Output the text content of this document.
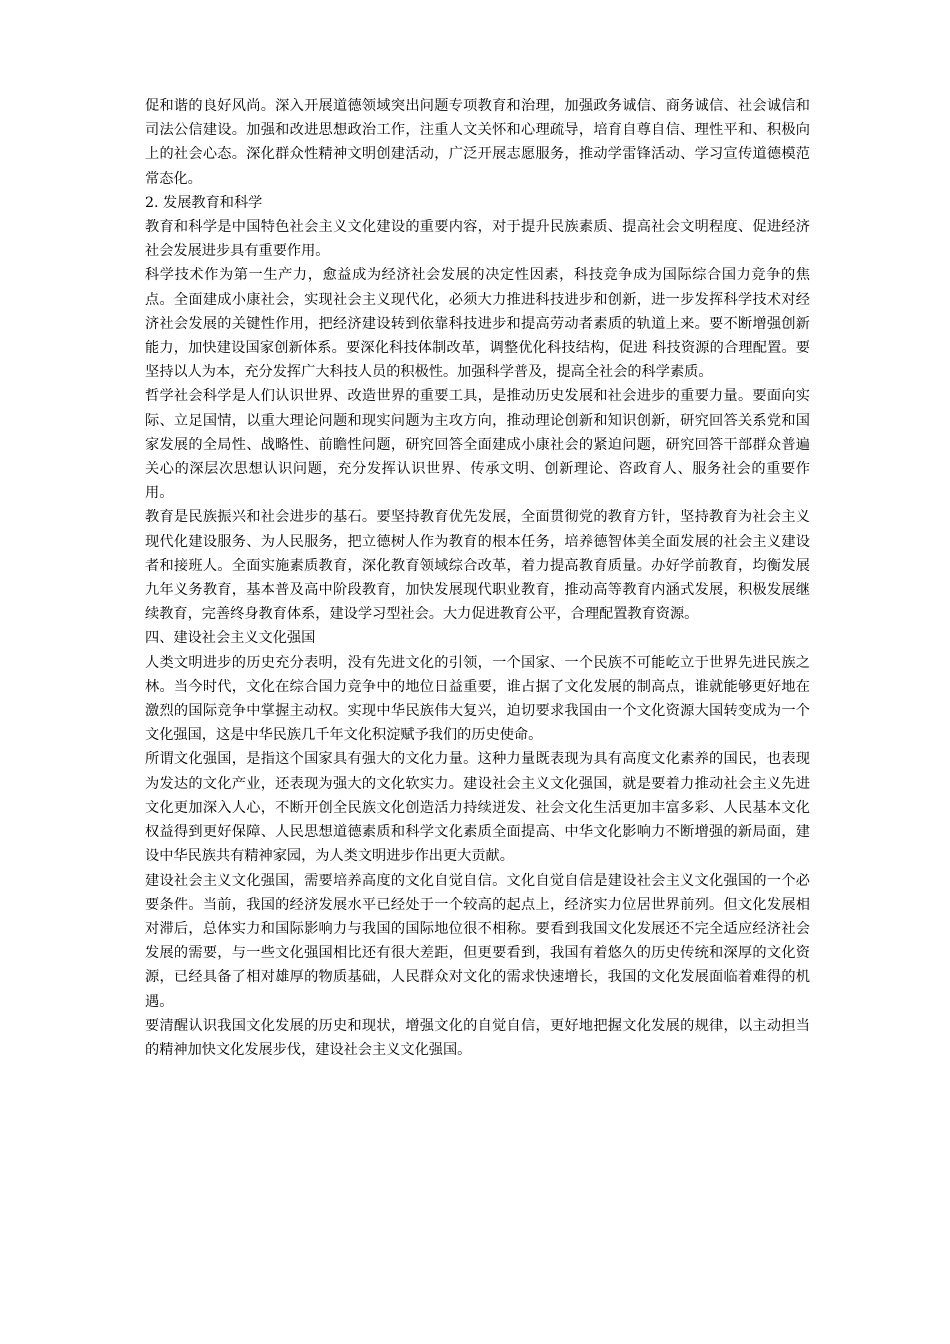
促和谐的良好风尚。深入开展道德领域突出问题专项教育和治理，加强政务诚信、商务诚信、社会诚信和司法公信建设。加强和改进思想政治工作，注重人文关怀和心理疏导，培育自尊自信、理性平和、积极向上的社会心态。深化群众性精神文明创建活动，广泛开展志愿服务，推动学雷锋活动、学习宣传道德模范常态化。

2. 发展教育和科学

教育和科学是中国特色社会主义文化建设的重要内容，对于提升民族素质、提高社会文明程度、促进经济社会发展进步具有重要作用。

科学技术作为第一生产力，愈益成为经济社会发展的决定性因素，科技竞争成为国际综合国力竞争的焦点。全面建成小康社会，实现社会主义现代化，必须大力推进科技进步和创新，进一步发挥科学技术对经济社会发展的关键性作用，把经济建设转到依靠科技进步和提高劳动者素质的轨道上来。要不断增强创新能力，加快建设国家创新体系。要深化科技体制改革，调整优化科技结构，促进 科技资源的合理配置。要坚持以人为本，充分发挥广大科技人员的积极性。加强科学普及，提高全社会的科学素质。

哲学社会科学是人们认识世界、改造世界的重要工具，是推动历史发展和社会进步的重要力量。要面向实际、立足国情，以重大理论问题和现实问题为主攻方向，推动理论创新和知识创新，研究回答关系党和国家发展的全局性、战略性、前瞻性问题，研究回答全面建成小康社会的紧迫问题，研究回答干部群众普遍关心的深层次思想认识问题，充分发挥认识世界、传承文明、创新理论、咨政育人、服务社会的重要作用。

教育是民族振兴和社会进步的基石。要坚持教育优先发展，全面贯彻党的教育方针，坚持教育为社会主义现代化建设服务、为人民服务，把立德树人作为教育的根本任务，培养德智体美全面发展的社会主义建设者和接班人。全面实施素质教育，深化教育领域综合改革，着力提高教育质量。办好学前教育，均衡发展九年义务教育，基本普及高中阶段教育，加快发展现代职业教育，推动高等教育内涵式发展，积极发展继续教育，完善终身教育体系，建设学习型社会。大力促进教育公平，合理配置教育资源。

四、建设社会主义文化强国

人类文明进步的历史充分表明，没有先进文化的引领，一个国家、一个民族不可能屹立于世界先进民族之林。当今时代，文化在综合国力竞争中的地位日益重要，谁占据了文化发展的制高点，谁就能够更好地在激烈的国际竞争中掌握主动权。实现中华民族伟大复兴，迫切要求我国由一个文化资源大国转变成为一个文化强国，这是中华民族几千年文化积淀赋予我们的历史使命。

所谓文化强国，是指这个国家具有强大的文化力量。这种力量既表现为具有高度文化素养的国民，也表现为发达的文化产业，还表现为强大的文化软实力。建设社会主义文化强国，就是要着力推动社会主义先进文化更加深入人心，不断开创全民族文化创造活力持续迸发、社会文化生活更加丰富多彩、人民基本文化权益得到更好保障、人民思想道德素质和科学文化素质全面提高、中华文化影响力不断增强的新局面，建设中华民族共有精神家园，为人类文明进步作出更大贡献。

建设社会主义文化强国，需要培养高度的文化自觉自信。文化自觉自信是建设社会主义文化强国的一个必要条件。当前，我国的经济发展水平已经处于一个较高的起点上，经济实力位居世界前列。但文化发展相对滞后，总体实力和国际影响力与我国的国际地位很不相称。要看到我国文化发展还不完全适应经济社会发展的需要，与一些文化强国相比还有很大差距，但更要看到，我国有着悠久的历史传统和深厚的文化资源，已经具备了相对雄厚的物质基础，人民群众对文化的需求快速增长，我国的文化发展面临着难得的机遇。

要清醒认识我国文化发展的历史和现状，增强文化的自觉自信，更好地把握文化发展的规律，以主动担当的精神加快文化发展步伐，建设社会主义文化强国。
